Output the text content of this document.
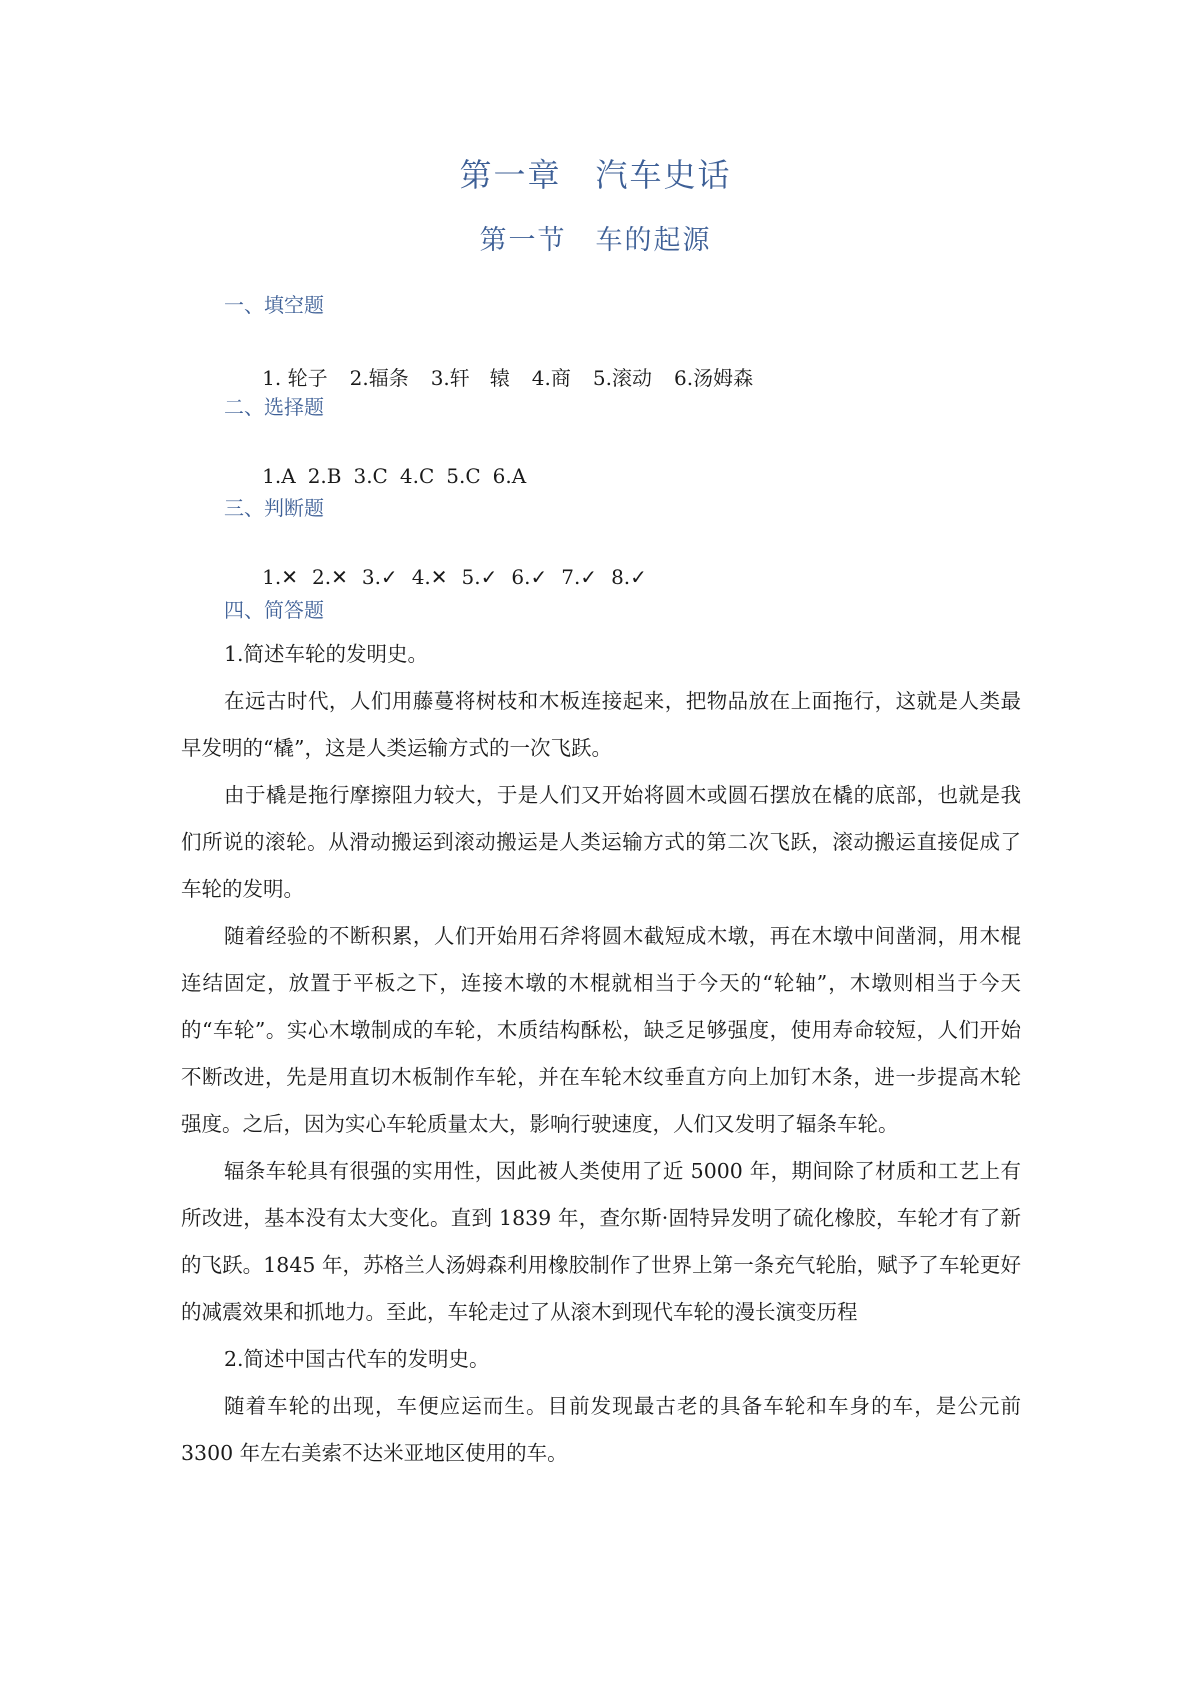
第一章　汽车史话
第一节　车的起源
一、填空题

1. 轮子 2.辐条 3.轩　辕 4.商 5.滚动 6.汤姆森

二、选择题

1.A 2.B 3.C 4.C 5.C 6.A

三、判断题

1.✕ 2.✕ 3.✓ 4.✕ 5.✓ 6.✓ 7.✓ 8.✓

四、简答题
1.简述车轮的发明史。

在远古时代，人们用藤蔓将树枝和木板连接起来，把物品放在上面拖行，这就是人类最早发明的“橇”，这是人类运输方式的一次飞跃。

由于橇是拖行摩擦阻力较大，于是人们又开始将圆木或圆石摆放在橇的底部，也就是我们所说的滚轮。从滑动搬运到滚动搬运是人类运输方式的第二次飞跃，滚动搬运直接促成了车轮的发明。

随着经验的不断积累，人们开始用石斧将圆木截短成木墩，再在木墩中间凿洞，用木棍连结固定，放置于平板之下，连接木墩的木棍就相当于今天的“轮轴”，木墩则相当于今天的“车轮”。实心木墩制成的车轮，木质结构酥松，缺乏足够强度，使用寿命较短，人们开始不断改进，先是用直切木板制作车轮，并在车轮木纹垂直方向上加钉木条，进一步提高木轮强度。之后，因为实心车轮质量太大，影响行驶速度，人们又发明了辐条车轮。

辐条车轮具有很强的实用性，因此被人类使用了近 5000 年，期间除了材质和工艺上有所改进，基本没有太大变化。直到 1839 年，查尔斯·固特异发明了硫化橡胶，车轮才有了新的飞跃。1845 年，苏格兰人汤姆森利用橡胶制作了世界上第一条充气轮胎，赋予了车轮更好的减震效果和抓地力。至此，车轮走过了从滚木到现代车轮的漫长演变历程

2.简述中国古代车的发明史。

随着车轮的出现，车便应运而生。目前发现最古老的具备车轮和车身的车，是公元前 3300 年左右美索不达米亚地区使用的车。
